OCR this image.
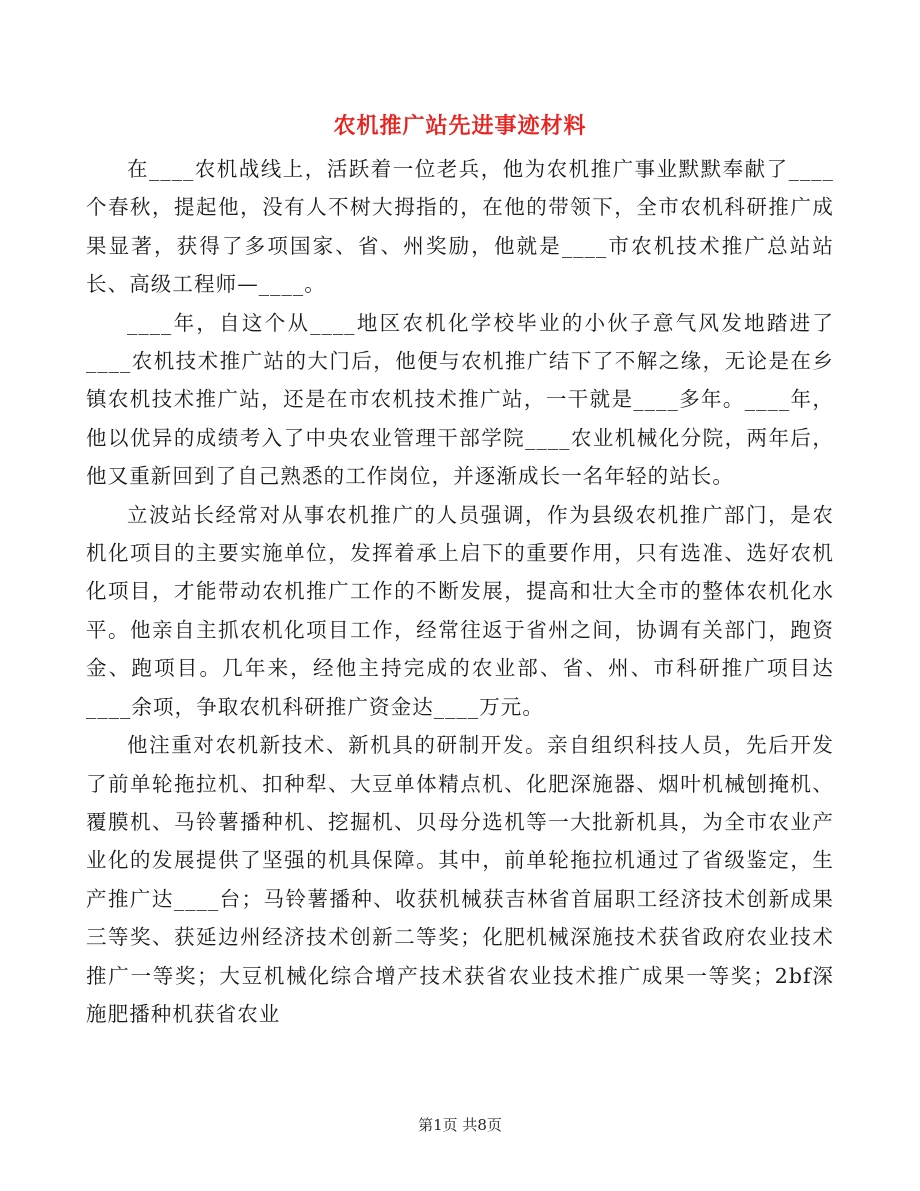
农机推广站先进事迹材料

在____农机战线上，活跃着一位老兵，他为农机推广事业默默奉献了____个春秋，提起他，没有人不树大拇指的，在他的带领下，全市农机科研推广成果显著，获得了多项国家、省、州奖励，他就是____市农机技术推广总站站长、高级工程师—____。

____年，自这个从____地区农机化学校毕业的小伙子意气风发地踏进了____农机技术推广站的大门后，他便与农机推广结下了不解之缘，无论是在乡镇农机技术推广站，还是在市农机技术推广站，一干就是____多年。____年，他以优异的成绩考入了中央农业管理干部学院____农业机械化分院，两年后，他又重新回到了自己熟悉的工作岗位，并逐渐成长一名年轻的站长。

立波站长经常对从事农机推广的人员强调，作为县级农机推广部门，是农机化项目的主要实施单位，发挥着承上启下的重要作用，只有选准、选好农机化项目，才能带动农机推广工作的不断发展，提高和壮大全市的整体农机化水平。他亲自主抓农机化项目工作，经常往返于省州之间，协调有关部门，跑资金、跑项目。几年来，经他主持完成的农业部、省、州、市科研推广项目达____余项，争取农机科研推广资金达____万元。

他注重对农机新技术、新机具的研制开发。亲自组织科技人员，先后开发了前单轮拖拉机、扣种犁、大豆单体精点机、化肥深施器、烟叶机械刨掩机、覆膜机、马铃薯播种机、挖掘机、贝母分选机等一大批新机具，为全市农业产业化的发展提供了坚强的机具保障。其中，前单轮拖拉机通过了省级鉴定，生产推广达____台；马铃薯播种、收获机械获吉林省首届职工经济技术创新成果三等奖、获延边州经济技术创新二等奖；化肥机械深施技术获省政府农业技术推广一等奖；大豆机械化综合增产技术获省农业技术推广成果一等奖；2bf深施肥播种机获省农业

第1页 共8页
